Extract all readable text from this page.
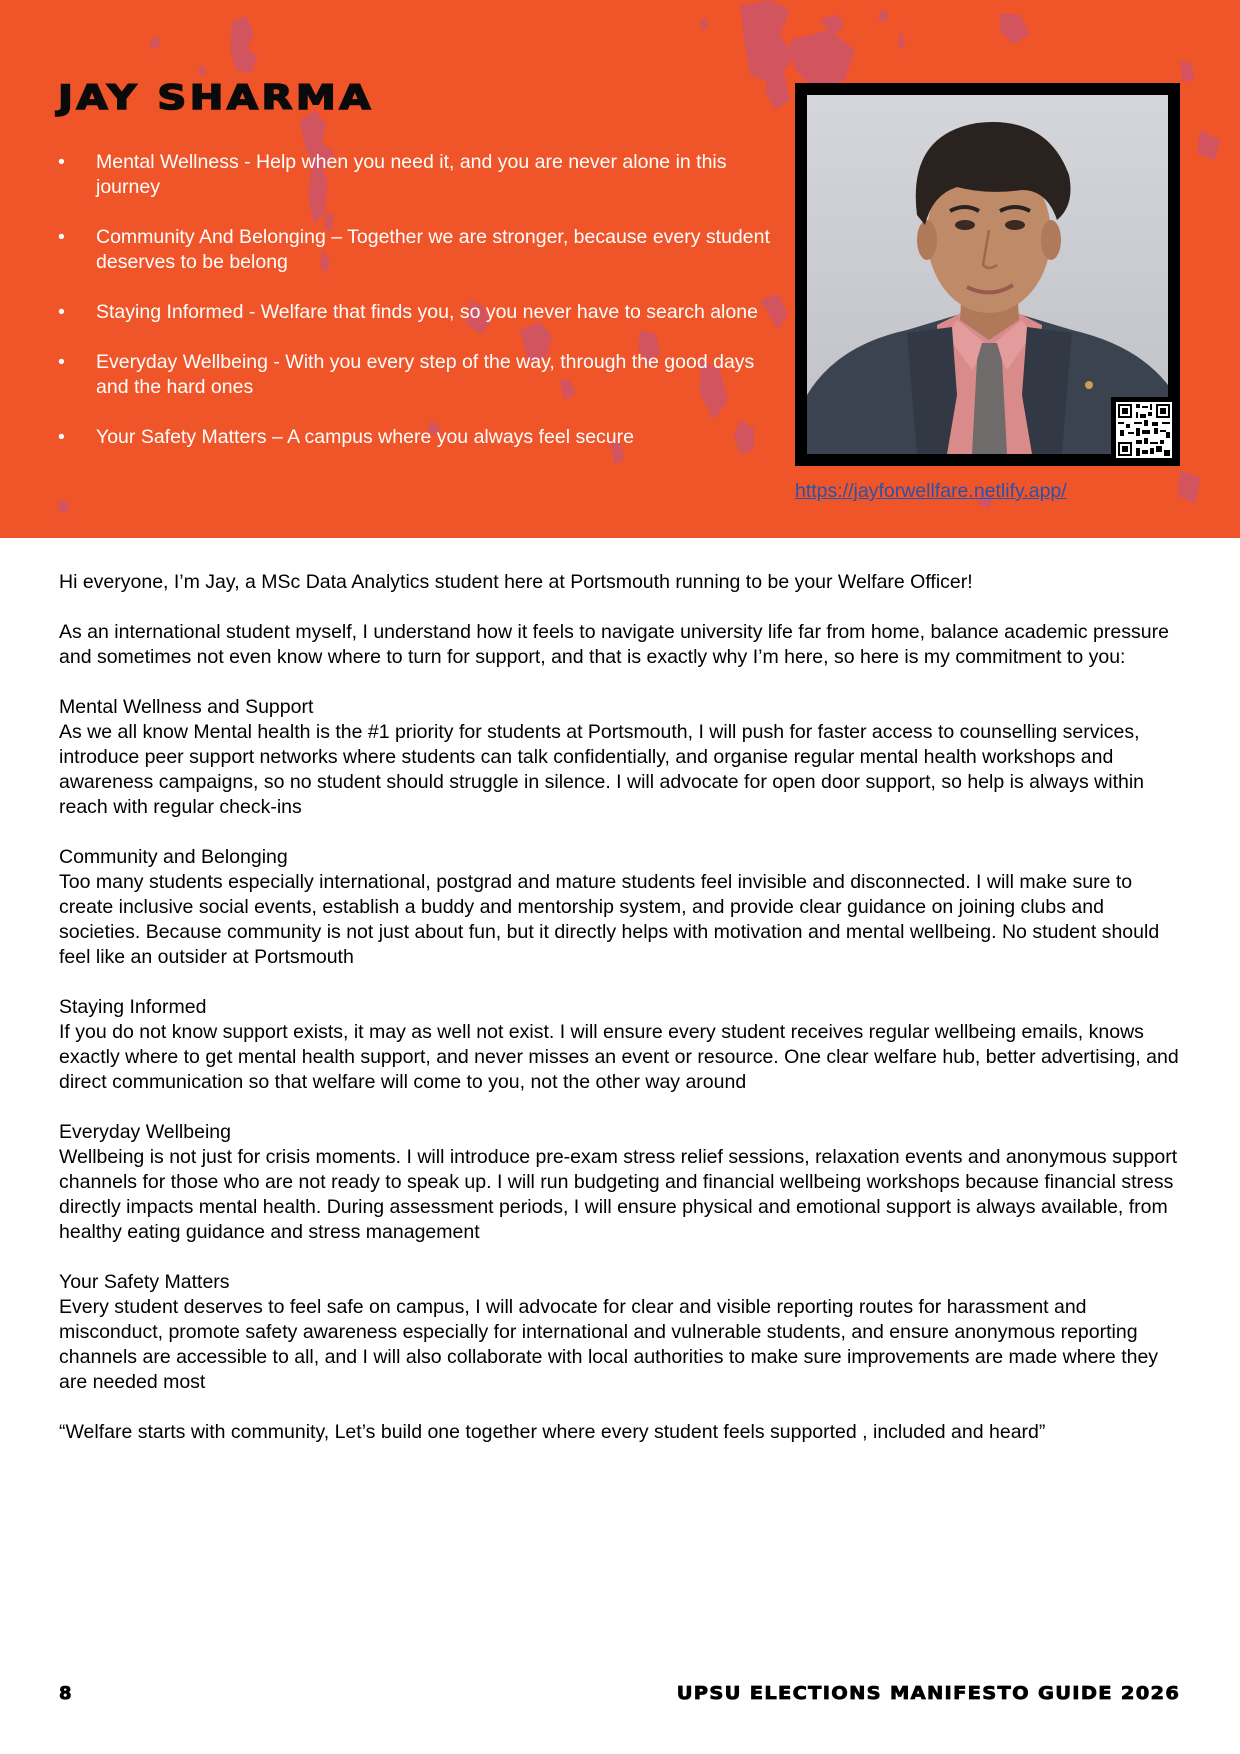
JAY SHARMA
• Mental Wellness - Help when you need it, and you are never alone in this journey
• Community And Belonging – Together we are stronger, because every student deserves to be belong
• Staying Informed - Welfare that finds you, so you never have to search alone
• Everyday Wellbeing - With you every step of the way, through the good days and the hard ones
• Your Safety Matters – A campus where you always feel secure
https://jayforwellfare.netlify.app/

Hi everyone, I’m Jay, a MSc Data Analytics student here at Portsmouth running to be your Welfare Officer!

As an international student myself, I understand how it feels to navigate university life far from home, balance academic pressure and sometimes not even know where to turn for support, and that is exactly why I’m here, so here is my commitment to you:

Mental Wellness and Support
As we all know Mental health is the #1 priority for students at Portsmouth, I will push for faster access to counselling services, introduce peer support networks where students can talk confidentially, and organise regular mental health workshops and awareness campaigns, so no student should struggle in silence. I will advocate for open door support, so help is always within reach with regular check-ins

Community and Belonging
Too many students especially international, postgrad and mature students feel invisible and disconnected. I will make sure to create inclusive social events, establish a buddy and mentorship system, and provide clear guidance on joining clubs and societies. Because community is not just about fun, but it directly helps with motivation and mental wellbeing. No student should feel like an outsider at Portsmouth

Staying Informed
If you do not know support exists, it may as well not exist. I will ensure every student receives regular wellbeing emails, knows exactly where to get mental health support, and never misses an event or resource. One clear welfare hub, better advertising, and direct communication so that welfare will come to you, not the other way around

Everyday Wellbeing
Wellbeing is not just for crisis moments. I will introduce pre-exam stress relief sessions, relaxation events and anonymous support channels for those who are not ready to speak up. I will run budgeting and financial wellbeing workshops because financial stress directly impacts mental health. During assessment periods, I will ensure physical and emotional support is always available, from healthy eating guidance and stress management

Your Safety Matters
Every student deserves to feel safe on campus, I will advocate for clear and visible reporting routes for harassment and misconduct, promote safety awareness especially for international and vulnerable students, and ensure anonymous reporting channels are accessible to all, and I will also collaborate with local authorities to make sure improvements are made where they are needed most

“Welfare starts with community, Let’s build one together where every student feels supported , included and heard”

8	UPSU ELECTIONS MANIFESTO GUIDE 2026
